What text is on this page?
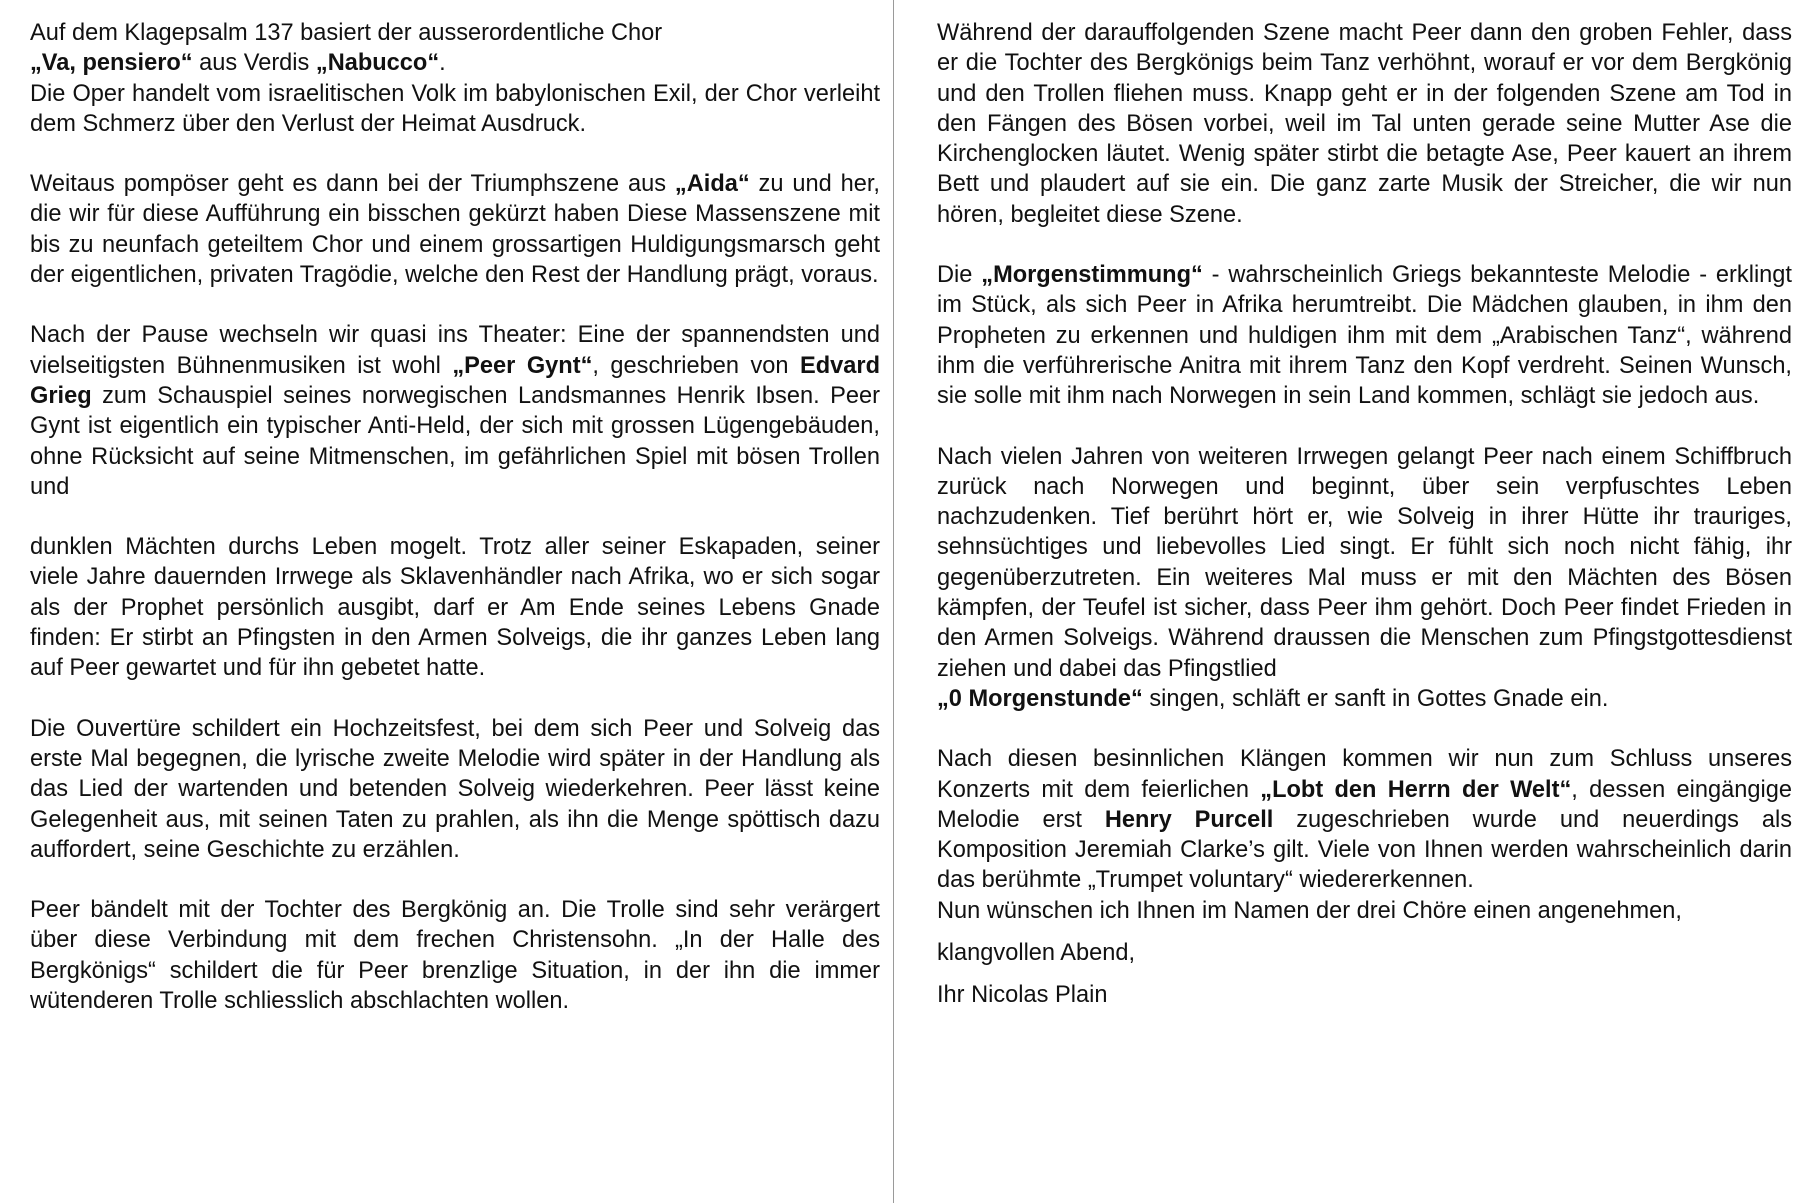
Auf dem Klagepsalm 137 basiert der ausserordentliche Chor
„Va, pensiero“ aus Verdis „Nabucco“.

Die Oper handelt vom israelitischen Volk im babylonischen Exil, der Chor verleiht dem Schmerz über den Verlust der Heimat Ausdruck.

Weitaus pompöser geht es dann bei der Triumphszene aus „Aida“ zu und her, die wir für diese Aufführung ein bisschen gekürzt haben Diese Massenszene mit bis zu neunfach geteiltem Chor und einem grossartigen Huldigungsmarsch geht der eigentlichen, privaten Tragödie, welche den Rest der Handlung prägt, voraus.

Nach der Pause wechseln wir quasi ins Theater: Eine der spannendsten und vielseitigsten Bühnenmusiken ist wohl „Peer Gynt“, geschrieben von Edvard Grieg zum Schauspiel seines norwegischen Landsmannes Henrik Ibsen. Peer Gynt ist eigentlich ein typischer Anti-Held, der sich mit grossen Lügengebäuden, ohne Rücksicht auf seine Mitmenschen, im gefährlichen Spiel mit bösen Trollen und

dunklen Mächten durchs Leben mogelt. Trotz aller seiner Eskapaden, seiner viele Jahre dauernden Irrwege als Sklavenhändler nach Afrika, wo er sich sogar als der Prophet persönlich ausgibt, darf er Am Ende seines Lebens Gnade finden: Er stirbt an Pfingsten in den Armen Solveigs, die ihr ganzes Leben lang auf Peer gewartet und für ihn gebetet hatte.

Die Ouvertüre schildert ein Hochzeitsfest, bei dem sich Peer und Solveig das erste Mal begegnen, die lyrische zweite Melodie wird später in der Handlung als das Lied der wartenden und betenden Solveig wiederkehren. Peer lässt keine Gelegenheit aus, mit seinen Taten zu prahlen, als ihn die Menge spöttisch dazu auffordert, seine Geschichte zu erzählen.

Peer bändelt mit der Tochter des Bergkönig an. Die Trolle sind sehr verärgert über diese Verbindung mit dem frechen Christensohn. „In der Halle des Bergkönigs“ schildert die für Peer brenzlige Situation, in der ihn die immer wütenderen Trolle schliesslich abschlachten wollen.

Während der darauffolgenden Szene macht Peer dann den groben Fehler, dass er die Tochter des Bergkönigs beim Tanz verhöhnt, worauf er vor dem Bergkönig und den Trollen fliehen muss. Knapp geht er in der folgenden Szene am Tod in den Fängen des Bösen vorbei, weil im Tal unten gerade seine Mutter Ase die Kirchenglocken läutet. Wenig später stirbt die betagte Ase, Peer kauert an ihrem Bett und plaudert auf sie ein. Die ganz zarte Musik der Streicher, die wir nun hören, begleitet diese Szene.

Die „Morgenstimmung“ - wahrscheinlich Griegs bekannteste Melodie - erklingt im Stück, als sich Peer in Afrika herumtreibt. Die Mädchen glauben, in ihm den Propheten zu erkennen und huldigen ihm mit dem „Arabischen Tanz“, während ihm die verführerische Anitra mit ihrem Tanz den Kopf verdreht. Seinen Wunsch, sie solle mit ihm nach Norwegen in sein Land kommen, schlägt sie jedoch aus.

Nach vielen Jahren von weiteren Irrwegen gelangt Peer nach einem Schiffbruch zurück nach Norwegen und beginnt, über sein verpfuschtes Leben nachzudenken. Tief berührt hört er, wie Solveig in ihrer Hütte ihr trauriges, sehnsüchtiges und liebevolles Lied singt. Er fühlt sich noch nicht fähig, ihr gegenüberzutreten. Ein weiteres Mal muss er mit den Mächten des Bösen kämpfen, der Teufel ist sicher, dass Peer ihm gehört. Doch Peer findet Frieden in den Armen Solveigs. Während draussen die Menschen zum Pfingstgottesdienst ziehen und dabei das Pfingstlied
„0 Morgenstunde“ singen, schläft er sanft in Gottes Gnade ein.

Nach diesen besinnlichen Klängen kommen wir nun zum Schluss unseres Konzerts mit dem feierlichen „Lobt den Herrn der Welt“, dessen eingängige Melodie erst Henry Purcell zugeschrieben wurde und neuerdings als Komposition Jeremiah Clarke’s gilt. Viele von Ihnen werden wahrscheinlich darin das berühmte „Trumpet voluntary“ wiedererkennen.

Nun wünschen ich Ihnen im Namen der drei Chöre einen angenehmen,

klangvollen Abend,

Ihr Nicolas Plain
